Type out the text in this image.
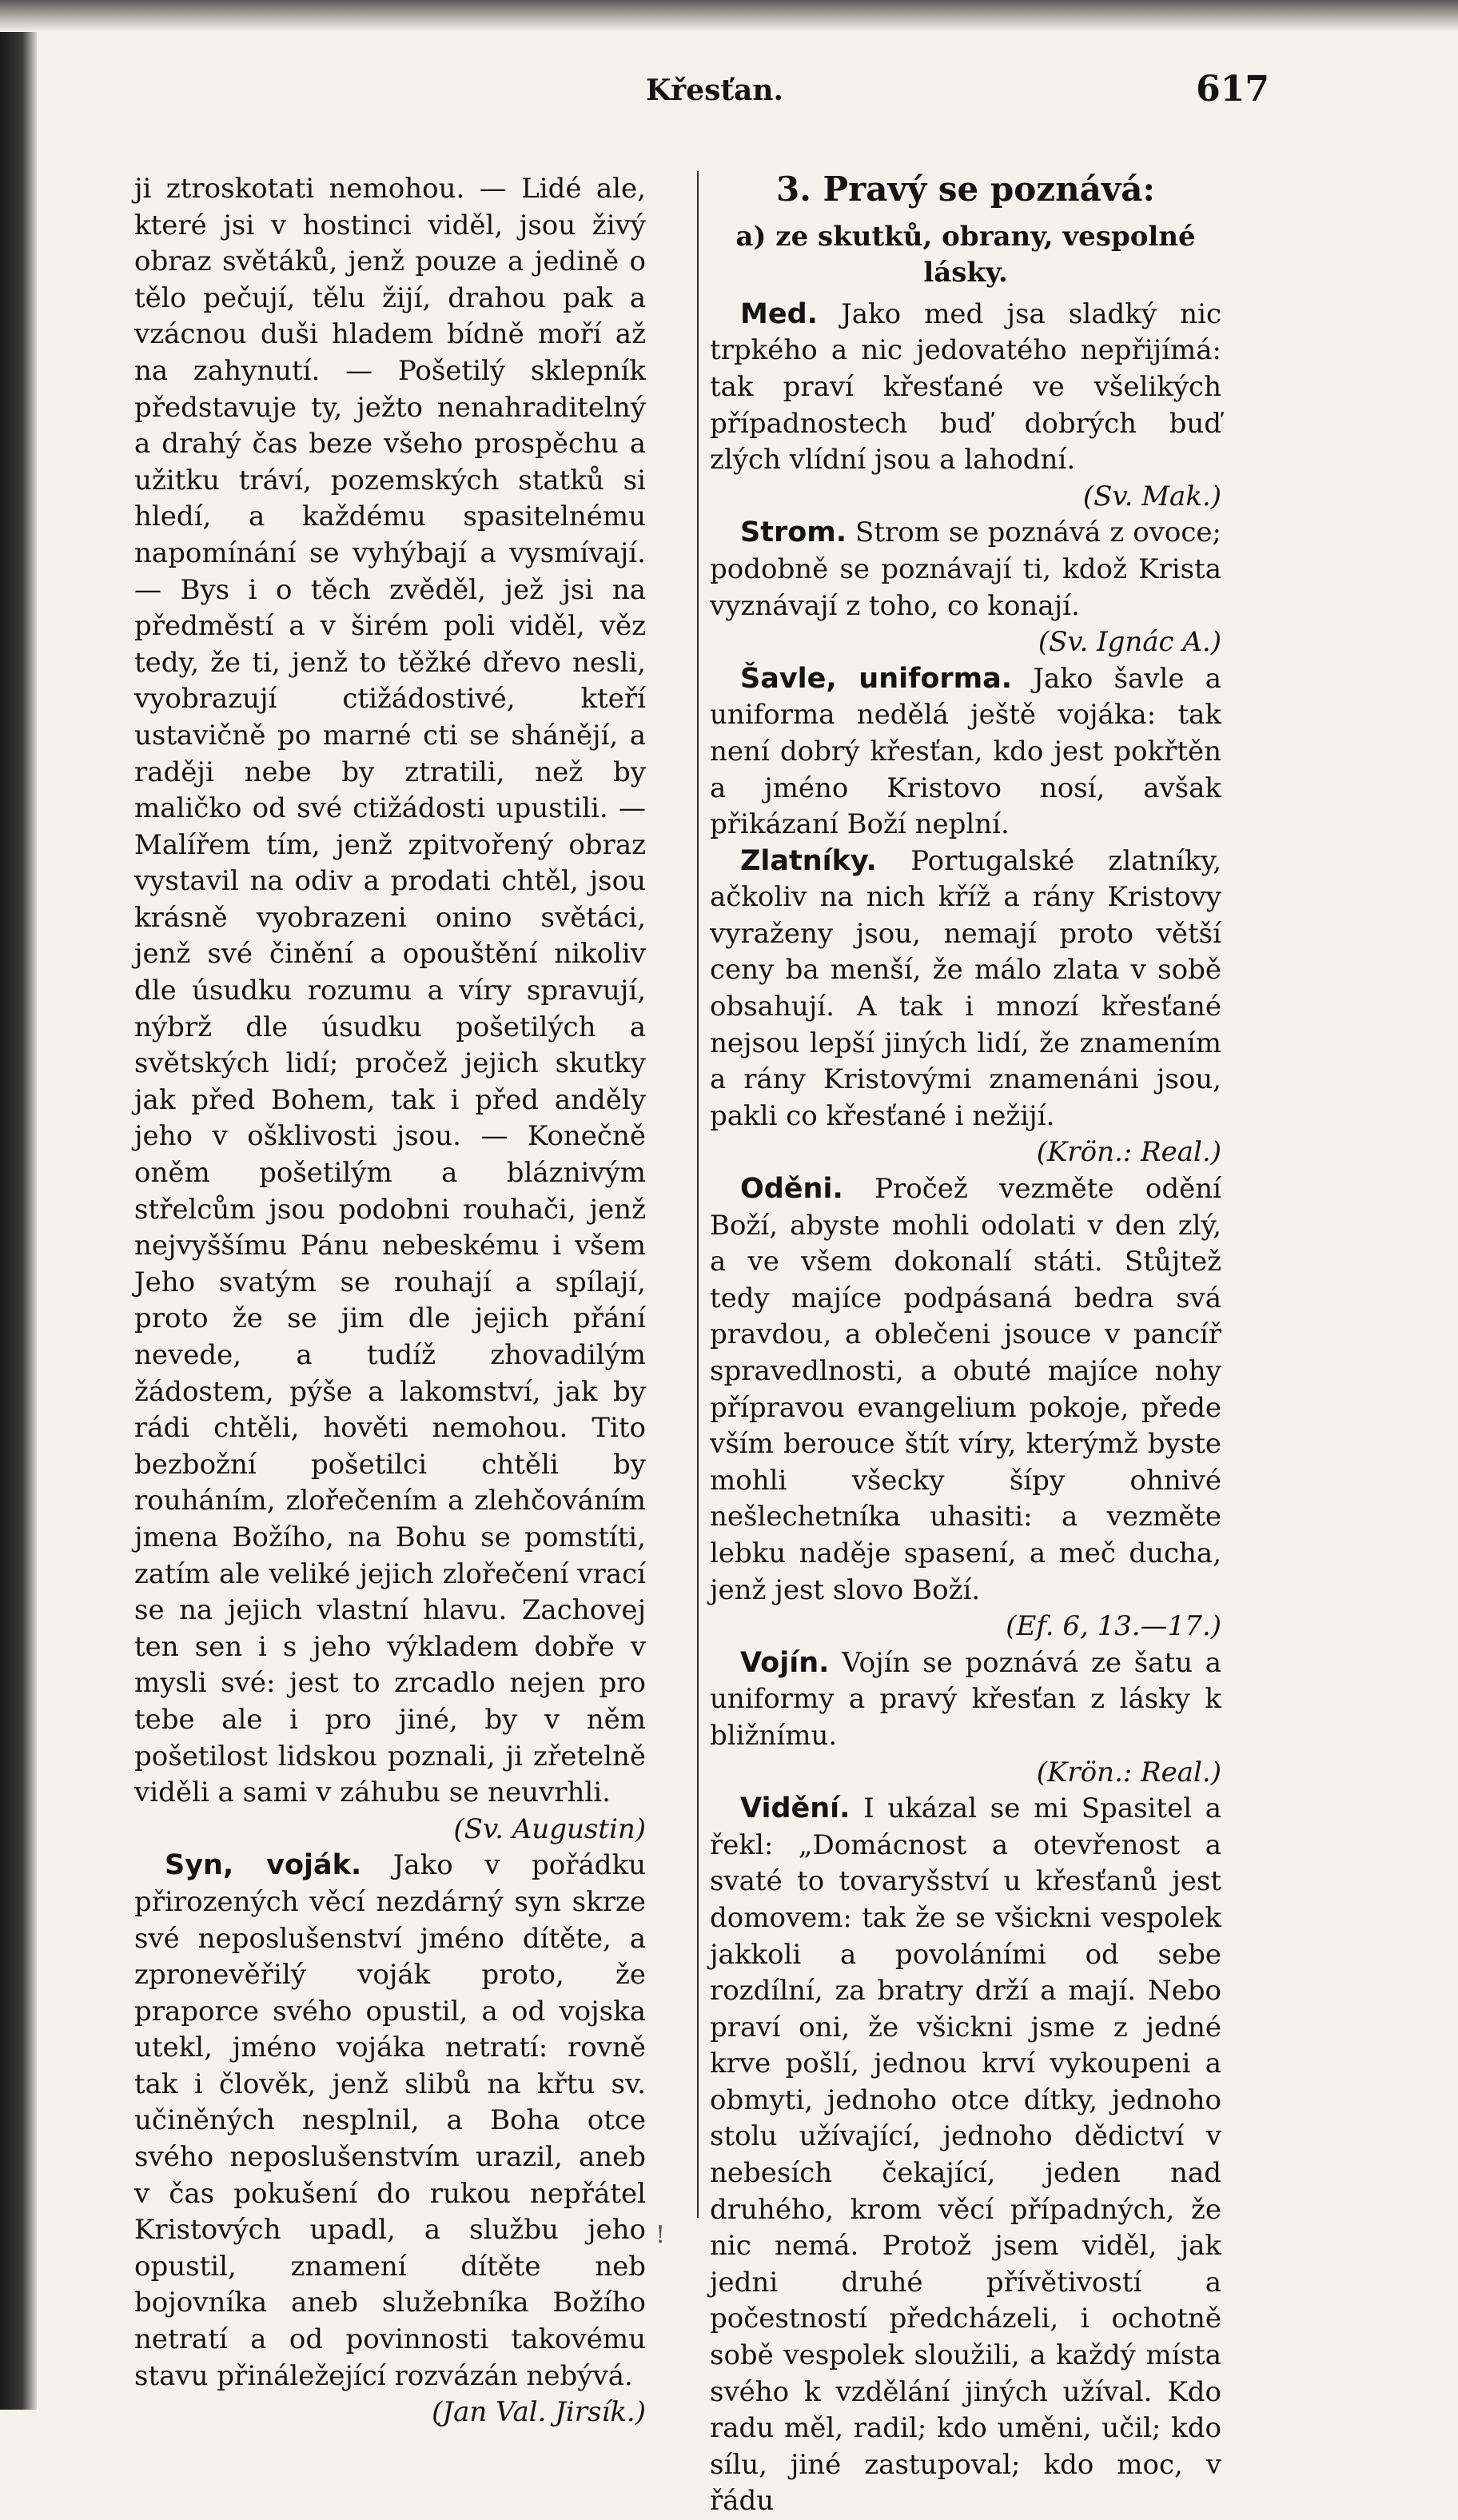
Křesťan.	617

ji ztroskotati nemohou. — Lidé ale, které jsi v hostinci viděl, jsou živý obraz světáků, jenž pouze a jedině o tělo pečují, tělu žijí, drahou pak a vzácnou duši hladem bídně moří až na zahynutí. — Pošetilý sklepník představuje ty, ježto nenahraditelný a drahý čas beze všeho prospěchu a užitku tráví, pozemských statků si hledí, a každému spasitelnému napomínání se vyhýbají a vysmívají. — Bys i o těch zvěděl, jež jsi na předměstí a v širém poli viděl, věz tedy, že ti, jenž to těžké dřevo nesli, vyobrazují ctižádostivé, kteří ustavičně po marné cti se shánějí, a raději nebe by ztratili, než by maličko od své ctižádosti upustili. — Malířem tím, jenž zpitvořený obraz vystavil na odiv a prodati chtěl, jsou krásně vyobrazeni onino světáci, jenž své činění a opouštění nikoliv dle úsudku rozumu a víry spravují, nýbrž dle úsudku pošetilých a světských lidí; pročež jejich skutky jak před Bohem, tak i před anděly jeho v ošklivosti jsou. — Konečně oněm pošetilým a bláznivým střelcům jsou podobni rouhači, jenž nejvyššímu Pánu nebeskému i všem Jeho svatým se rouhají a spílají, proto že se jim dle jejich přání nevede, a tudíž zhovadilým žádostem, pýše a lakomství, jak by rádi chtěli, hověti nemohou. Tito bezbožní pošetilci chtěli by rouháním, zlořečením a zlehčováním jmena Božího, na Bohu se pomstíti, zatím ale veliké jejich zlořečení vrací se na jejich vlastní hlavu. Zachovej ten sen i s jeho výkladem dobře v mysli své: jest to zrcadlo nejen pro tebe ale i pro jiné, by v něm pošetilost lidskou poznali, ji zřetelně viděli a sami v záhubu se neuvrhli.

(Sv. Augustin)

Syn, voják. Jako v pořádku přirozených věcí nezdárný syn skrze své neposlušenství jméno dítěte, a zpronevěřilý voják proto, že praporce svého opustil, a od vojska utekl, jméno vojáka netratí: rovně tak i člověk, jenž slibů na křtu sv. učiněných nesplnil, a Boha otce svého neposlušenstvím urazil, aneb v čas pokušení do rukou nepřátel Kristových upadl, a službu jeho opustil, znamení dítěte neb bojovníka aneb služebníka Božího netratí a od povinnosti takovému stavu přináležející rozvázán nebývá.

(Jan Val. Jirsík.)

3. Pravý se poznává:

a) ze skutků, obrany, vespolné lásky.

Med. Jako med jsa sladký nic trpkého a nic jedovatého nepřijímá: tak praví křesťané ve všelikých případnostech buď dobrých buď zlých vlídní jsou a lahodní.

(Sv. Mak.)

Strom. Strom se poznává z ovoce; podobně se poznávají ti, kdož Krista vyznávají z toho, co konají.

(Sv. Ignác A.)

Šavle, uniforma. Jako šavle a uniforma nedělá ještě vojáka: tak není dobrý křesťan, kdo jest pokřtěn a jméno Kristovo nosí, avšak přikázaní Boží neplní.

Zlatníky. Portugalské zlatníky, ačkoliv na nich kříž a rány Kristovy vyraženy jsou, nemají proto větší ceny ba menší, že málo zlata v sobě obsahují. A tak i mnozí křesťané nejsou lepší jiných lidí, že znamením a rány Kristovými znamenáni jsou, pakli co křesťané i nežijí.

(Krön.: Real.)

Oděni. Pročež vezměte odění Boží, abyste mohli odolati v den zlý, a ve všem dokonalí státi. Stůjtež tedy majíce podpásaná bedra svá pravdou, a oblečeni jsouce v pancíř spravedlnosti, a obuté majíce nohy přípravou evangelium pokoje, přede vším berouce štít víry, kterýmž byste mohli všecky šípy ohnivé nešlechetníka uhasiti: a vezměte lebku naděje spasení, a meč ducha, jenž jest slovo Boží.

(Ef. 6, 13.—17.)

Vojín. Vojín se poznává ze šatu a uniformy a pravý křesťan z lásky k bližnímu.

(Krön.: Real.)

Vidění. I ukázal se mi Spasitel a řekl: „Domácnost a otevřenost a svaté to tovaryšství u křesťanů jest domovem: tak že se všickni vespolek jakkoli a povoláními od sebe rozdílní, za bratry drží a mají. Nebo praví oni, že všickni jsme z jedné krve pošlí, jednou krví vykoupeni a obmyti, jednoho otce dítky, jednoho stolu užívající, jednoho dědictví v nebesích čekající, jeden nad druhého, krom věcí případných, že nic nemá. Protož jsem viděl, jak jedni druhé přívětivostí a počestností předcházeli, i ochotně sobě vespolek sloužili, a každý místa svého k vzdělání jiných užíval. Kdo radu měl, radil; kdo uměni, učil; kdo sílu, jiné zastupoval; kdo moc, v řádu

!
